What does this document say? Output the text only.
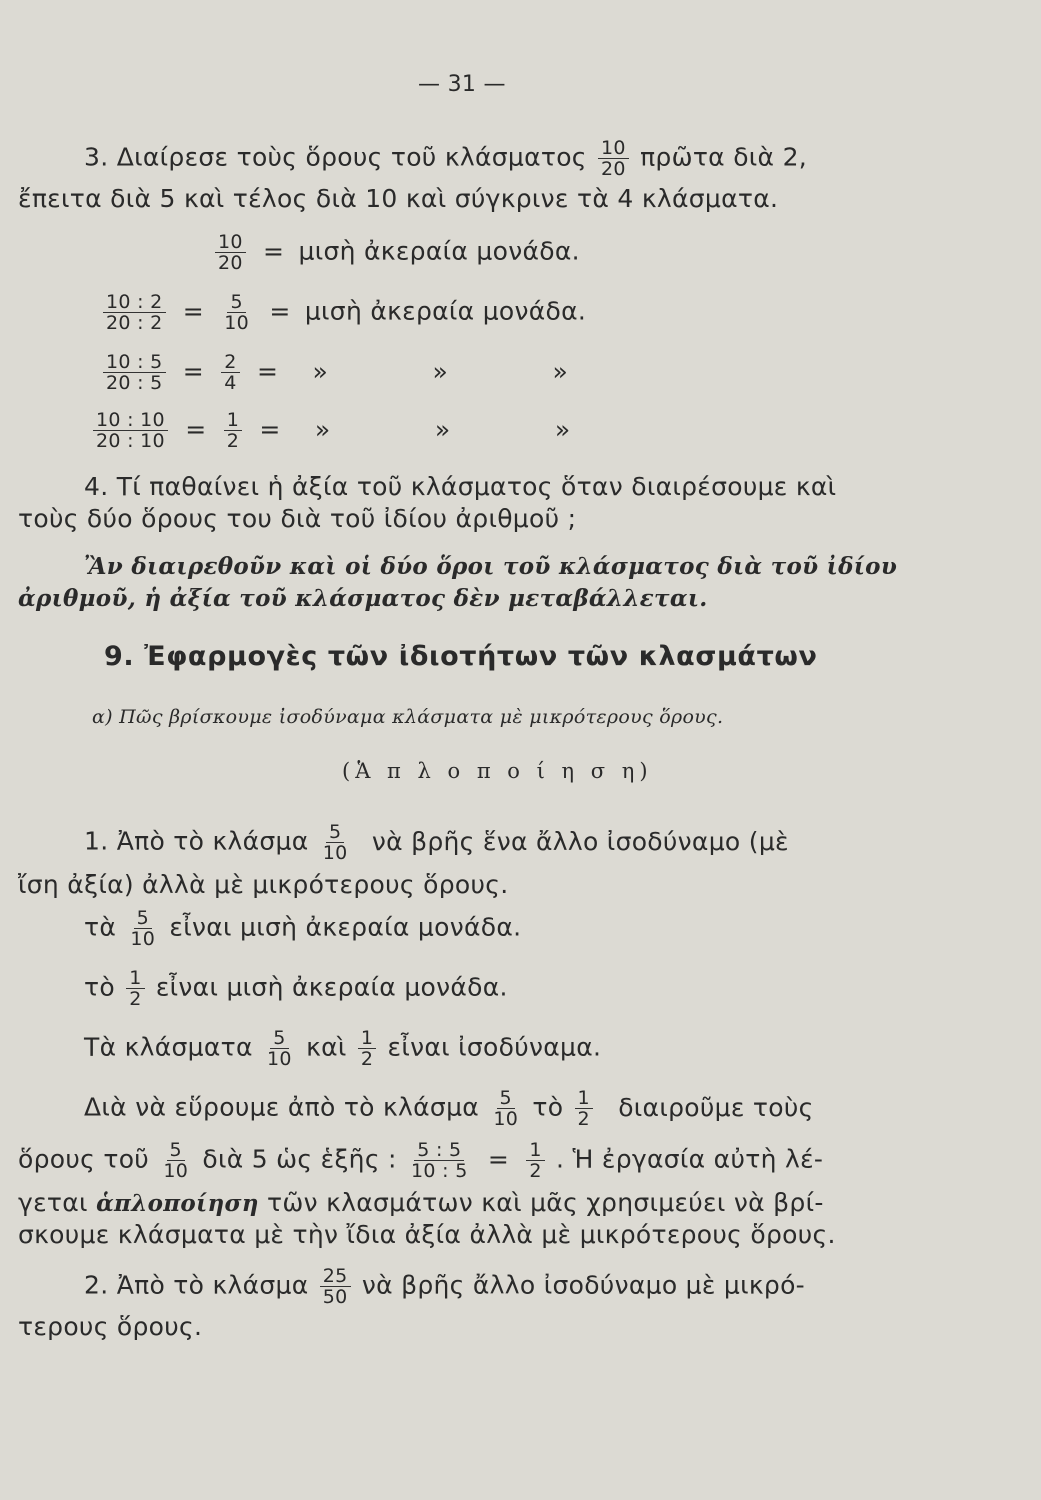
— 31 —
3. Διαίρεσε τοὺς ὅρους τοῦ κλάσματος $\frac{10}{20}$ πρῶτα διὰ 2,
ἔπειτα διὰ 5 καὶ τέλος διὰ 10 καὶ σύγκρινε τὰ 4 κλάσματα.
$\frac{10}{20}$ = μισὴ ἀκεραία μονάδα.
$\frac{10 : 2}{20 : 2} = \frac{5}{10}$ = μισὴ ἀκεραία μονάδα.
$\frac{10 : 5}{20 : 5} = \frac{2}{4}$ = »	»	»
$\frac{10 : 10}{20 : 10} = \frac{1}{2}$ = »	»	»
4. Τί παθαίνει ἡ ἀξία τοῦ κλάσματος ὅταν διαιρέσουμε καὶ
τοὺς δύο ὅρους του διὰ τοῦ ἰδίου ἀριθμοῦ ;
Ἂν διαιρεθοῦν καὶ οἱ δύο ὅροι τοῦ κλάσματος διὰ τοῦ ἰδίου
ἀριθμοῦ, ἡ ἀξία τοῦ κλάσματος δὲν μεταβάλλεται.
9. Ἐφαρμογὲς τῶν ἰδιοτήτων τῶν κλασμάτων
α) Πῶς βρίσκουμε ἰσοδύναμα κλάσματα μὲ μικρότερους ὅρους.
(Ἁ π λ ο π ο ί η σ η)
1. Ἀπὸ τὸ κλάσμα $\frac{5}{10}$ νὰ βρῆς ἕνα ἄλλο ἰσοδύναμο (μὲ
ἴση ἀξία) ἀλλὰ μὲ μικρότερους ὅρους.
τὰ $\frac{5}{10}$ εἶναι μισὴ ἀκεραία μονάδα.
τὸ $\frac{1}{2}$ εἶναι μισὴ ἀκεραία μονάδα.
Τὰ κλάσματα $\frac{5}{10}$ καὶ $\frac{1}{2}$ εἶναι ἰσοδύναμα.
Διὰ νὰ εὕρουμε ἀπὸ τὸ κλάσμα $\frac{5}{10}$ τὸ $\frac{1}{2}$ διαιροῦμε τοὺς
ὅρους τοῦ $\frac{5}{10}$ διὰ 5 ὡς ἑξῆς : $\frac{5 : 5}{10 : 5} = \frac{1}{2}$ . Ἡ ἐργασία αὐτὴ λέ-
γεται ἁπλοποίηση τῶν κλασμάτων καὶ μᾶς χρησιμεύει νὰ βρί-
σκουμε κλάσματα μὲ τὴν ἴδια ἀξία ἀλλὰ μὲ μικρότερους ὅρους.
2. Ἀπὸ τὸ κλάσμα $\frac{25}{50}$ νὰ βρῆς ἄλλο ἰσοδύναμο μὲ μικρό-
τερους ὅρους.
